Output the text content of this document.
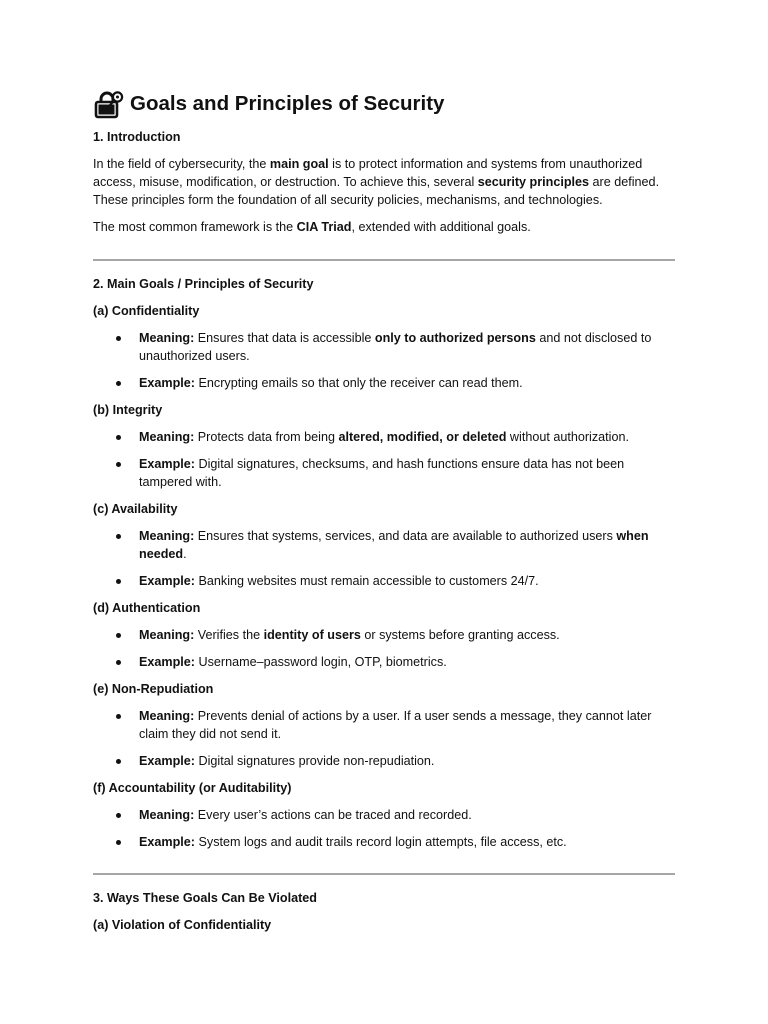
Goals and Principles of Security
1. Introduction

In the field of cybersecurity, the main goal is to protect information and systems from unauthorized access, misuse, modification, or destruction. To achieve this, several security principles are defined. These principles form the foundation of all security policies, mechanisms, and technologies.

The most common framework is the CIA Triad, extended with additional goals.

2. Main Goals / Principles of Security
(a) Confidentiality
Meaning: Ensures that data is accessible only to authorized persons and not disclosed to unauthorized users.
Example: Encrypting emails so that only the receiver can read them.
(b) Integrity
Meaning: Protects data from being altered, modified, or deleted without authorization.
Example: Digital signatures, checksums, and hash functions ensure data has not been tampered with.
(c) Availability
Meaning: Ensures that systems, services, and data are available to authorized users when needed.
Example: Banking websites must remain accessible to customers 24/7.
(d) Authentication
Meaning: Verifies the identity of users or systems before granting access.
Example: Username–password login, OTP, biometrics.
(e) Non-Repudiation
Meaning: Prevents denial of actions by a user. If a user sends a message, they cannot later claim they did not send it.
Example: Digital signatures provide non-repudiation.
(f) Accountability (or Auditability)
Meaning: Every user’s actions can be traced and recorded.
Example: System logs and audit trails record login attempts, file access, etc.
3. Ways These Goals Can Be Violated
(a) Violation of Confidentiality
